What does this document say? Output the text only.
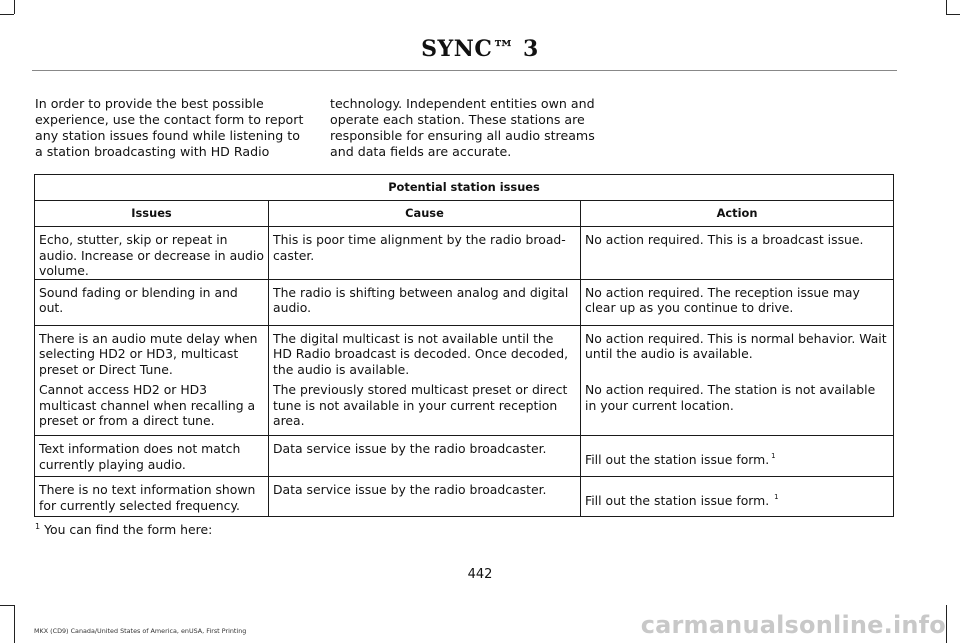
SYNC™ 3
In order to provide the best possible experience, use the contact form to report any station issues found while listening to a station broadcasting with HD Radio
technology. Independent entities own and operate each station. These stations are responsible for ensuring all audio streams and data fields are accurate.
Potential station issues		
Issues	Cause	Action
Echo, stutter, skip or repeat in audio. Increase or decrease in audio volume.	This is poor time alignment by the radio broad-caster.	No action required. This is a broadcast issue.
Sound fading or blending in and out.	The radio is shifting between analog and digital audio.	No action required. The reception issue may clear up as you continue to drive.
There is an audio mute delay when selecting HD2 or HD3, multicast preset or Direct Tune.	The digital multicast is not available until the HD Radio broadcast is decoded. Once decoded, the audio is available.	No action required. This is normal behavior. Wait until the audio is available.
Cannot access HD2 or HD3 multicast channel when recalling a preset or from a direct tune.	The previously stored multicast preset or direct tune is not available in your current reception area.	No action required. The station is not available in your current location.
Text information does not match currently playing audio.	Data service issue by the radio broadcaster.	Fill out the station issue form. $^1$
There is no text information shown for currently selected frequency.	Data service issue by the radio broadcaster.	Fill out the station issue form. $^1$
$^1$ You can find the form here:
442
MKX (CD9) Canada/United States of America, enUSA, First Printing	carmanualsonline.info
